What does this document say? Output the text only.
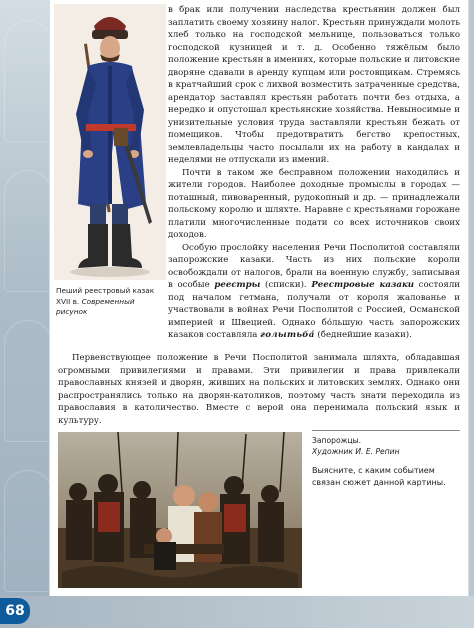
68
Пеший реестровый казак
XVII в. Современный рисунок

в брак или получении наследства крестьянин должен был заплатить своему хозяину налог. Крестьян принуждали молоть хлеб только на господской мельнице, пользоваться только господской кузницей и т. д. Особенно тяжёлым было положение крестьян в имениях, которые польские и литовские дворяне сдавали в аренду купцам или ростовщикам. Стремясь в кратчайший срок с лихвой возместить затраченные средства, арендатор заставлял крестьян работать почти без отдыха, а нередко и опустошал крестьянские хозяйства. Невыносимые и унизительные условия труда заставляли крестьян бежать от помещиков. Чтобы предотвратить бегство крепостных, землевладельцы часто посылали их на работу в кандалах и неделями не отпускали из имений.

Почти в таком же бесправном положении находились и жители городов. Наиболее доходные промыслы в городах — поташный, пивоваренный, рудокопный и др. — принадлежали польскому королю и шляхте. Наравне с крестьянами горожане платили многочисленные подати со всех источников своих доходов.

Особую прослойку населения Речи Посполитой составляли запорожские казаки. Часть из них польские короли освобождали от налогов, брали на военную службу, записывая в особые реестры (списки). Реестровые казаки состояли под началом гетмана, получали от короля жалованье и участвовали в войнах Речи Посполитой с Россией, Османской империей и Швецией. Однако бо́льшую часть запорожских казаков составляла голытьба́ (беднейшие казаки).

Первенствующее положение в Речи Посполитой занимала шляхта, обладавшая огромными привилегиями и правами. Эти привилегии и права привлекали православных князей и дворян, живших на польских и литовских землях. Однако они распространялись только на дворян-католиков, поэтому часть знати переходила из православия в католичество. Вместе с верой она перенимала польский язык и культуру.

Запорожцы.
Художник И. Е. Репин
Выясните, с каким событием связан сюжет данной картины.
